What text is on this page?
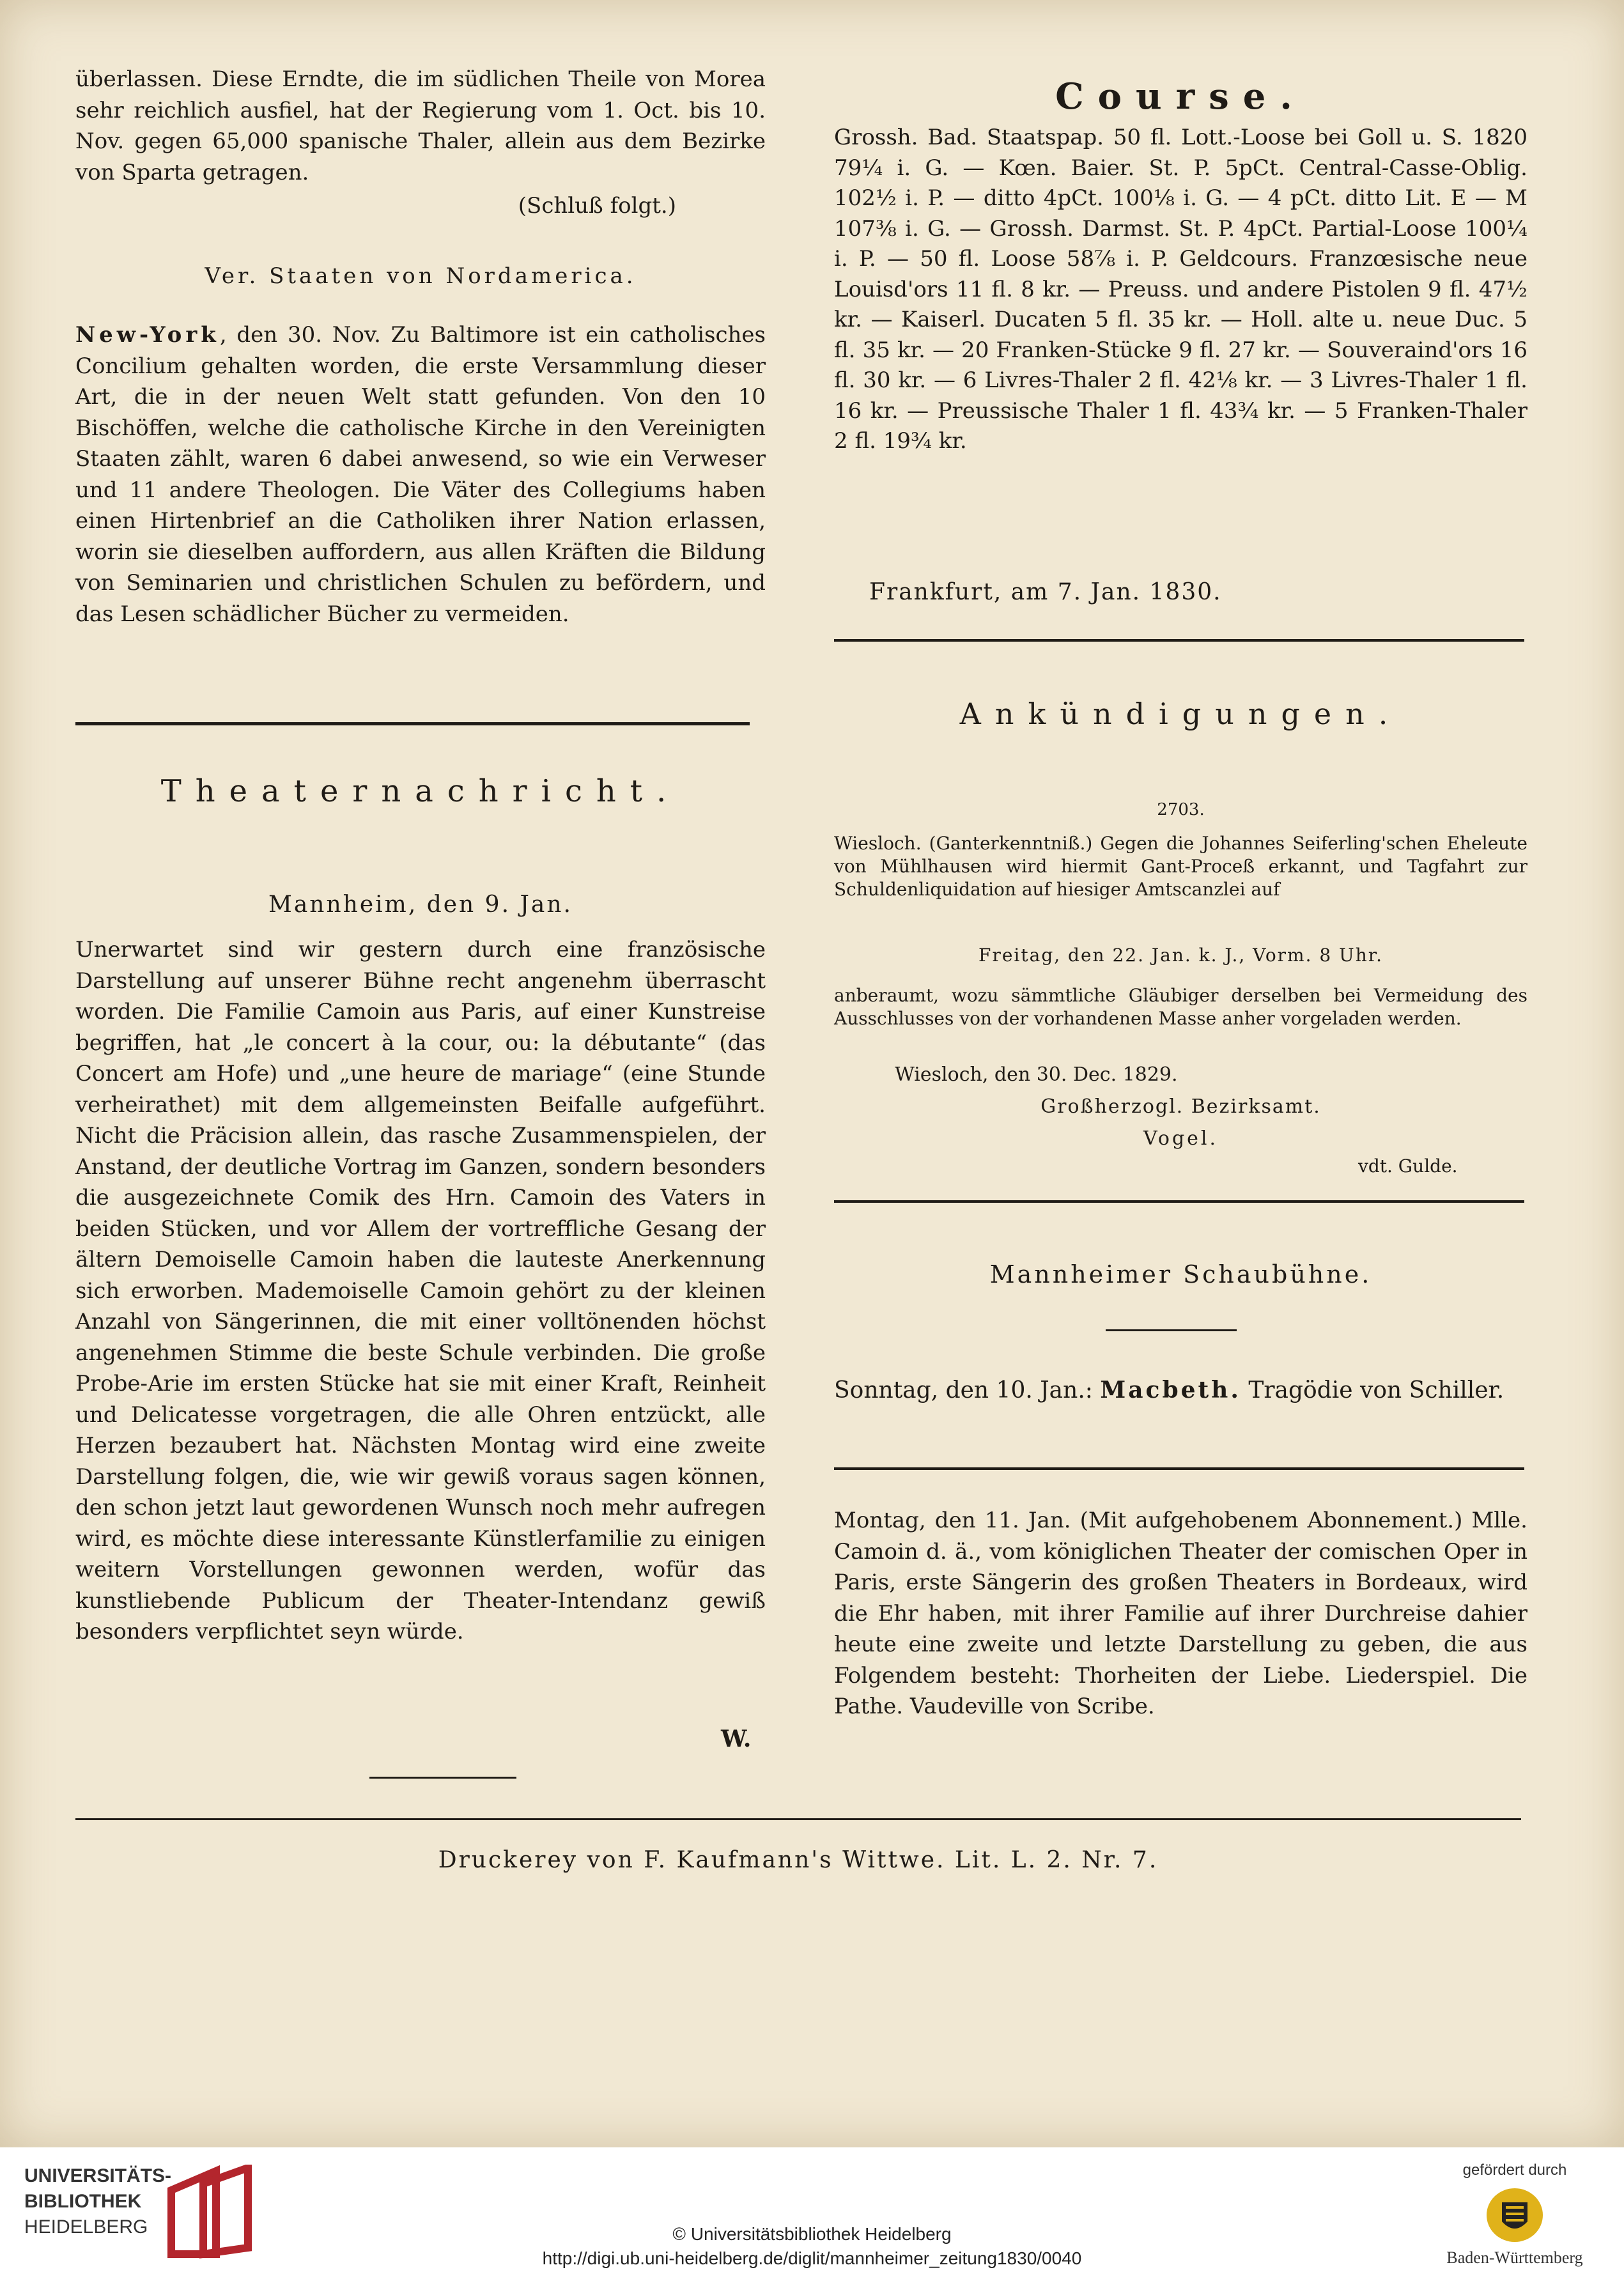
überlassen. Diese Erndte, die im südlichen Theile von Morea sehr reichlich ausfiel, hat der Regierung vom 1. Oct. bis 10. Nov. gegen 65,000 spanische Thaler, allein aus dem Bezirke von Sparta getragen.

(Schluß folgt.)
Ver. Staaten von Nordamerica.

New-York, den 30. Nov. Zu Baltimore ist ein catholisches Concilium gehalten worden, die erste Versammlung dieser Art, die in der neuen Welt statt gefunden. Von den 10 Bischöffen, welche die catholische Kirche in den Vereinigten Staaten zählt, waren 6 dabei anwesend, so wie ein Verweser und 11 andere Theologen. Die Väter des Collegiums haben einen Hirtenbrief an die Catholiken ihrer Nation erlassen, worin sie dieselben auffordern, aus allen Kräften die Bildung von Seminarien und christlichen Schulen zu befördern, und das Lesen schädlicher Bücher zu vermeiden.

Theaternachricht.
Mannheim, den 9. Jan.

Unerwartet sind wir gestern durch eine französische Darstellung auf unserer Bühne recht angenehm überrascht worden. Die Familie Camoin aus Paris, auf einer Kunstreise begriffen, hat „le concert à la cour, ou: la débutante“ (das Concert am Hofe) und „une heure de mariage“ (eine Stunde verheirathet) mit dem allgemeinsten Beifalle aufgeführt. Nicht die Präcision allein, das rasche Zusammenspielen, der Anstand, der deutliche Vortrag im Ganzen, sondern besonders die ausgezeichnete Comik des Hrn. Camoin des Vaters in beiden Stücken, und vor Allem der vortreffliche Gesang der ältern Demoiselle Camoin haben die lauteste Anerkennung sich erworben. Mademoiselle Camoin gehört zu der kleinen Anzahl von Sängerinnen, die mit einer volltönenden höchst angenehmen Stimme die beste Schule verbinden. Die große Probe-Arie im ersten Stücke hat sie mit einer Kraft, Reinheit und Delicatesse vorgetragen, die alle Ohren entzückt, alle Herzen bezaubert hat. Nächsten Montag wird eine zweite Darstellung folgen, die, wie wir gewiß voraus sagen können, den schon jetzt laut gewordenen Wunsch noch mehr aufregen wird, es möchte diese interessante Künstlerfamilie zu einigen weitern Vorstellungen gewonnen werden, wofür das kunstliebende Publicum der Theater-Intendanz gewiß besonders verpflichtet seyn würde.

W.
Course.

Grossh. Bad. Staatspap. 50 fl. Lott.-Loose bei Goll u. S. 1820 79¼ i. G. — Kœn. Baier. St. P. 5pCt. Central-Casse-Oblig. 102½ i. P. — ditto 4pCt. 100⅛ i. G. — 4 pCt. ditto Lit. E — M 107⅜ i. G. — Grossh. Darmst. St. P. 4pCt. Partial-Loose 100¼ i. P. — 50 fl. Loose 58⅞ i. P. Geldcours. Franzœsische neue Louisd'ors 11 fl. 8 kr. — Preuss. und andere Pistolen 9 fl. 47½ kr. — Kaiserl. Ducaten 5 fl. 35 kr. — Holl. alte u. neue Duc. 5 fl. 35 kr. — 20 Franken-Stücke 9 fl. 27 kr. — Souveraind'ors 16 fl. 30 kr. — 6 Livres-Thaler 2 fl. 42⅛ kr. — 3 Livres-Thaler 1 fl. 16 kr. — Preussische Thaler 1 fl. 43¾ kr. — 5 Franken-Thaler 2 fl. 19¾ kr.

Frankfurt, am 7. Jan. 1830.
Ankündigungen.
2703.

Wiesloch. (Ganterkenntniß.) Gegen die Johannes Seiferling'schen Eheleute von Mühlhausen wird hiermit Gant-Proceß erkannt, und Tagfahrt zur Schuldenliquidation auf hiesiger Amtscanzlei auf

Freitag, den 22. Jan. k. J., Vorm. 8 Uhr.

anberaumt, wozu sämmtliche Gläubiger derselben bei Vermeidung des Ausschlusses von der vorhandenen Masse anher vorgeladen werden.

Wiesloch, den 30. Dec. 1829.
Großherzogl. Bezirksamt.
Vogel.
vdt. Gulde.
Mannheimer Schaubühne.

Sonntag, den 10. Jan.: Macbeth. Tragödie von Schiller.

Montag, den 11. Jan. (Mit aufgehobenem Abonnement.) Mlle. Camoin d. ä., vom königlichen Theater der comischen Oper in Paris, erste Sängerin des großen Theaters in Bordeaux, wird die Ehr haben, mit ihrer Familie auf ihrer Durchreise dahier heute eine zweite und letzte Darstellung zu geben, die aus Folgendem besteht: Thorheiten der Liebe. Liederspiel. Die Pathe. Vaudeville von Scribe.

Druckerey von F. Kaufmann's Wittwe. Lit. L. 2. Nr. 7.
UNIVERSITÄTS-
BIBLIOTHEK
HEIDELBERG	© Universitätsbibliothek Heidelberg
http://digi.ub.uni-heidelberg.de/diglit/mannheimer_zeitung1830/0040
gefördert durch
Baden-Württemberg
